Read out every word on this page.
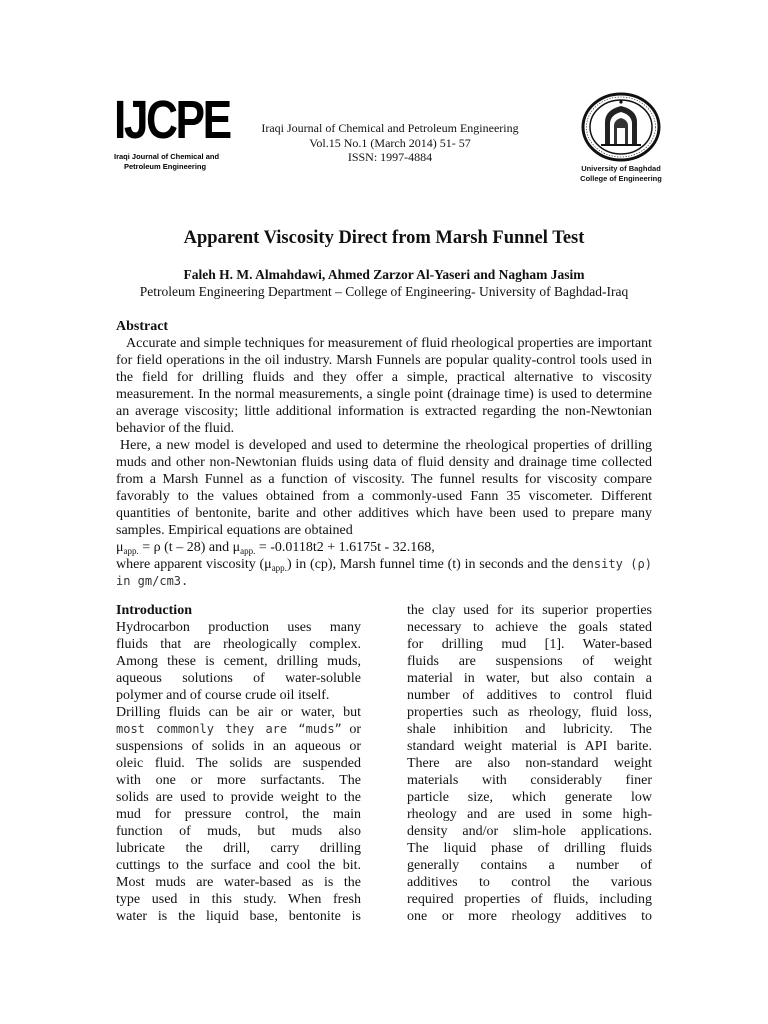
IJCPE
Iraqi Journal of Chemical and
Petroleum Engineering
Iraqi Journal of Chemical and Petroleum Engineering
Vol.15 No.1 (March 2014) 51- 57
ISSN: 1997-4884
University of Baghdad
College of Engineering
Apparent Viscosity Direct from Marsh Funnel Test
Faleh H. M. Almahdawi, Ahmed Zarzor Al-Yaseri and Nagham Jasim
Petroleum Engineering Department – College of Engineering- University of Baghdad-Iraq
Abstract

Accurate and simple techniques for measurement of fluid rheological properties are important for field operations in the oil industry. Marsh Funnels are popular quality-control tools used in the field for drilling fluids and they offer a simple, practical alternative to viscosity measurement. In the normal measurements, a single point (drainage time) is used to determine an average viscosity; little additional information is extracted regarding the non-Newtonian behavior of the fluid.

Here, a new model is developed and used to determine the rheological properties of drilling muds and other non-Newtonian fluids using data of fluid density and drainage time collected from a Marsh Funnel as a function of viscosity. The funnel results for viscosity compare favorably to the values obtained from a commonly-used Fann 35 viscometer. Different quantities of bentonite, barite and other additives which have been used to prepare many samples. Empirical equations are obtained

$\mu_{app.} = \rho$ (t – 28) and $\mu_{app.} = -0.0118t2 + 1.6175t - 32.168$,

where apparent viscosity $(\mu_{app.})$ in (cp), Marsh funnel time (t) in seconds and the density (ρ) in gm/cm3.

Introduction

Hydrocarbon production uses many

fluids that are rheologically complex.

Among these is cement, drilling muds,

aqueous solutions of water-soluble

polymer and of course crude oil itself.

Drilling fluids can be air or water, but

most commonly they are “muds” or

suspensions of solids in an aqueous or

oleic fluid. The solids are suspended

with one or more surfactants. The

solids are used to provide weight to the

mud for pressure control, the main

function of muds, but muds also

lubricate the drill, carry drilling

cuttings to the surface and cool the bit.

Most muds are water-based as is the

type used in this study. When fresh

water is the liquid base, bentonite is

the clay used for its superior properties

necessary to achieve the goals stated

for drilling mud [1]. Water-based

fluids are suspensions of weight

material in water, but also contain a

number of additives to control fluid

properties such as rheology, fluid loss,

shale inhibition and lubricity. The

standard weight material is API barite.

There are also non-standard weight

materials with considerably finer

particle size, which generate low

rheology and are used in some high-

density and/or slim-hole applications.

The liquid phase of drilling fluids

generally contains a number of

additives to control the various

required properties of fluids, including

one or more rheology additives to
